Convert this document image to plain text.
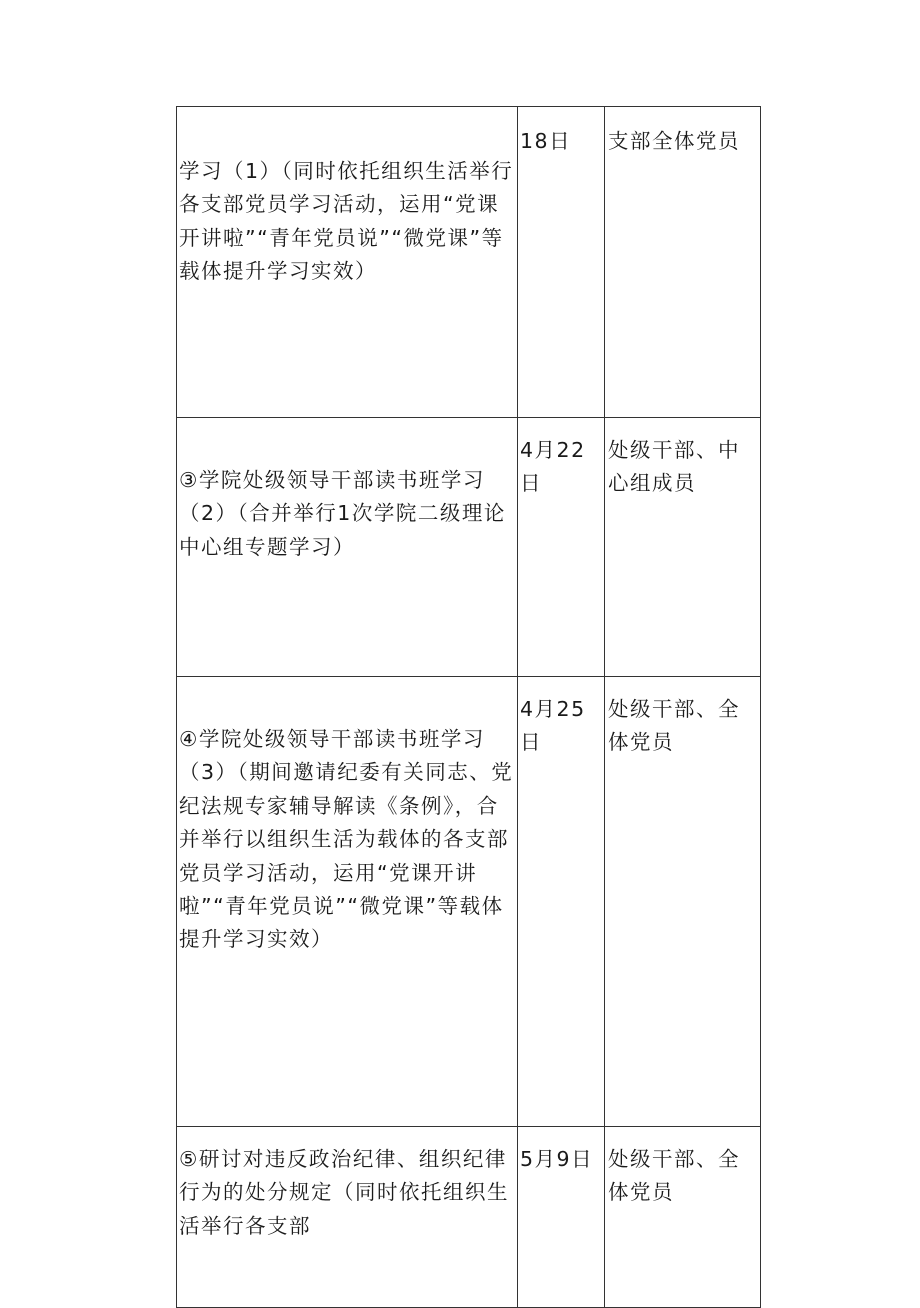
学习（1）（同时依托组织生活举行各支部党员学习活动，运用“党课开讲啦”“青年党员说”“微党课”等载体提升学习实效）	18日	支部全体党员

③学院处级领导干部读书班学习（2）（合并举行1次学院二级理论中心组专题学习）	4月22日	处级干部、中心组成员

④学院处级领导干部读书班学习（3）（期间邀请纪委有关同志、党纪法规专家辅导解读《条例》，合并举行以组织生活为载体的各支部党员学习活动，运用“党课开讲啦”“青年党员说”“微党课”等载体提升学习实效）	4月25日	处级干部、全体党员

⑤研讨对违反政治纪律、组织纪律行为的处分规定（同时依托组织生活举行各支部	5月9日	处级干部、全体党员
